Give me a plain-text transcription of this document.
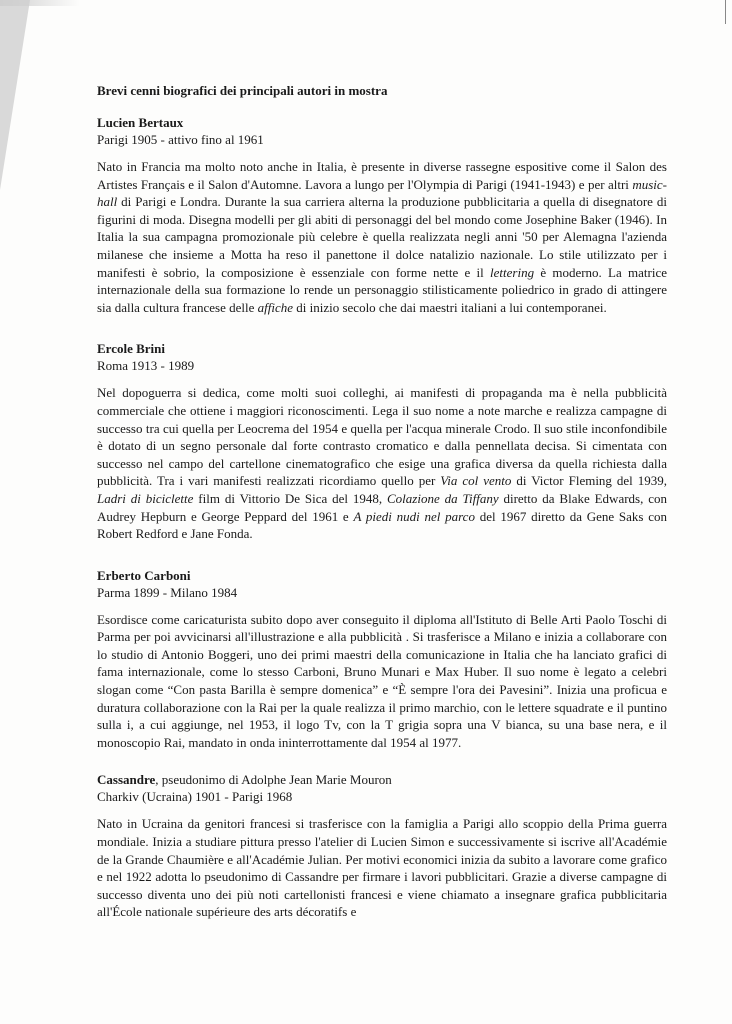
Brevi cenni biografici dei principali autori in mostra
Lucien Bertaux
Parigi 1905 - attivo fino al 1961

Nato in Francia ma molto noto anche in Italia, è presente in diverse rassegne espositive come il Salon des Artistes Français e il Salon d'Automne. Lavora a lungo per l'Olympia di Parigi (1941-1943) e per altri music-hall di Parigi e Londra. Durante la sua carriera alterna la produzione pubblicitaria a quella di disegnatore di figurini di moda. Disegna modelli per gli abiti di personaggi del bel mondo come Josephine Baker (1946). In Italia la sua campagna promozionale più celebre è quella realizzata negli anni '50 per Alemagna l'azienda milanese che insieme a Motta ha reso il panettone il dolce natalizio nazionale. Lo stile utilizzato per i manifesti è sobrio, la composizione è essenziale con forme nette e il lettering è moderno. La matrice internazionale della sua formazione lo rende un personaggio stilisticamente poliedrico in grado di attingere sia dalla cultura francese delle affiche di inizio secolo che dai maestri italiani a lui contemporanei.

Ercole Brini
Roma 1913 - 1989

Nel dopoguerra si dedica, come molti suoi colleghi, ai manifesti di propaganda ma è nella pubblicità commerciale che ottiene i maggiori riconoscimenti. Lega il suo nome a note marche e realizza campagne di successo tra cui quella per Leocrema del 1954 e quella per l'acqua minerale Crodo. Il suo stile inconfondibile è dotato di un segno personale dal forte contrasto cromatico e dalla pennellata decisa. Si cimentata con successo nel campo del cartellone cinematografico che esige una grafica diversa da quella richiesta dalla pubblicità. Tra i vari manifesti realizzati ricordiamo quello per Via col vento di Victor Fleming del 1939, Ladri di biciclette film di Vittorio De Sica del 1948, Colazione da Tiffany diretto da Blake Edwards, con Audrey Hepburn e George Peppard del 1961 e A piedi nudi nel parco del 1967 diretto da Gene Saks con Robert Redford e Jane Fonda.

Erberto Carboni
Parma 1899 - Milano 1984

Esordisce come caricaturista subito dopo aver conseguito il diploma all'Istituto di Belle Arti Paolo Toschi di Parma per poi avvicinarsi all'illustrazione e alla pubblicità . Si trasferisce a Milano e inizia a collaborare con lo studio di Antonio Boggeri, uno dei primi maestri della comunicazione in Italia che ha lanciato grafici di fama internazionale, come lo stesso Carboni, Bruno Munari e Max Huber. Il suo nome è legato a celebri slogan come “Con pasta Barilla è sempre domenica” e “È sempre l'ora dei Pavesini”. Inizia una proficua e duratura collaborazione con la Rai per la quale realizza il primo marchio, con le lettere squadrate e il puntino sulla i, a cui aggiunge, nel 1953, il logo Tv, con la T grigia sopra una V bianca, su una base nera, e il monoscopio Rai, mandato in onda ininterrottamente dal 1954 al 1977.

Cassandre, pseudonimo di Adolphe Jean Marie Mouron
Charkiv (Ucraina) 1901 - Parigi 1968

Nato in Ucraina da genitori francesi si trasferisce con la famiglia a Parigi allo scoppio della Prima guerra mondiale. Inizia a studiare pittura presso l'atelier di Lucien Simon e successivamente si iscrive all'Académie de la Grande Chaumière e all'Académie Julian. Per motivi economici inizia da subito a lavorare come grafico e nel 1922 adotta lo pseudonimo di Cassandre per firmare i lavori pubblicitari. Grazie a diverse campagne di successo diventa uno dei più noti cartellonisti francesi e viene chiamato a insegnare grafica pubblicitaria all'École nationale supérieure des arts décoratifs e
